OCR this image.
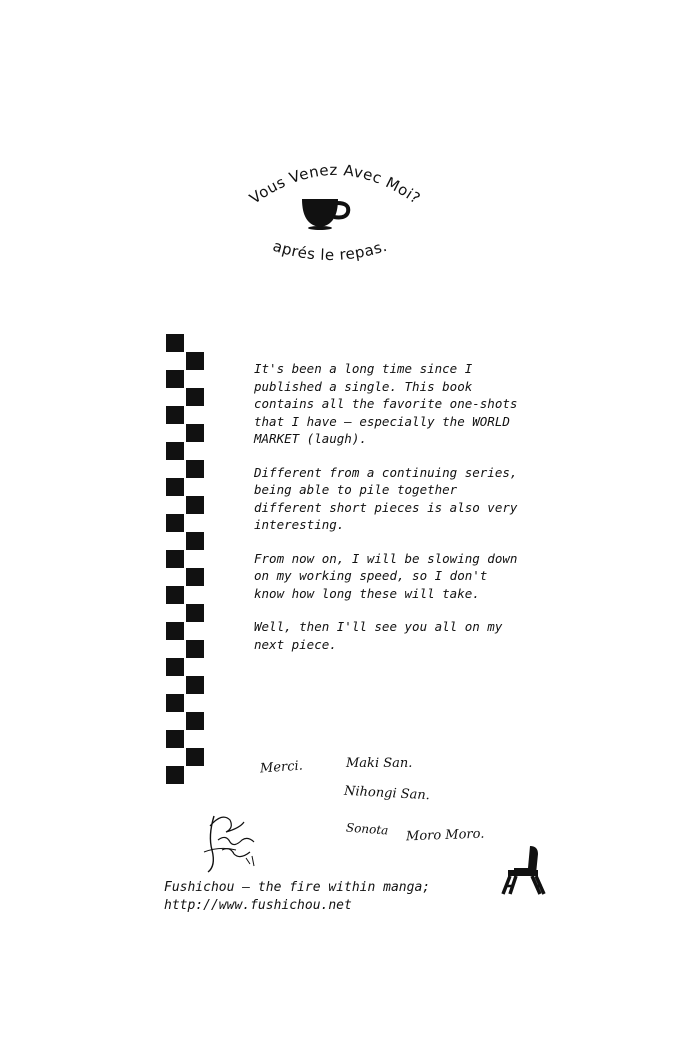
Vous Venez Avec Moi?
aprés le repas.

It's been a long time since I published a single. This book contains all the favorite one-shots that I have – especially the WORLD MARKET (laugh).

Different from a continuing series, being able to pile together different short pieces is also very interesting.

From now on, I will be slowing down on my working speed, so I don't know how long these will take.

Well, then I'll see you all on my next piece.

Merci.	Maki San.
Nihongi San.
Sonota Moro Moro.
Fushichou – the fire within manga;
http://www.fushichou.net
